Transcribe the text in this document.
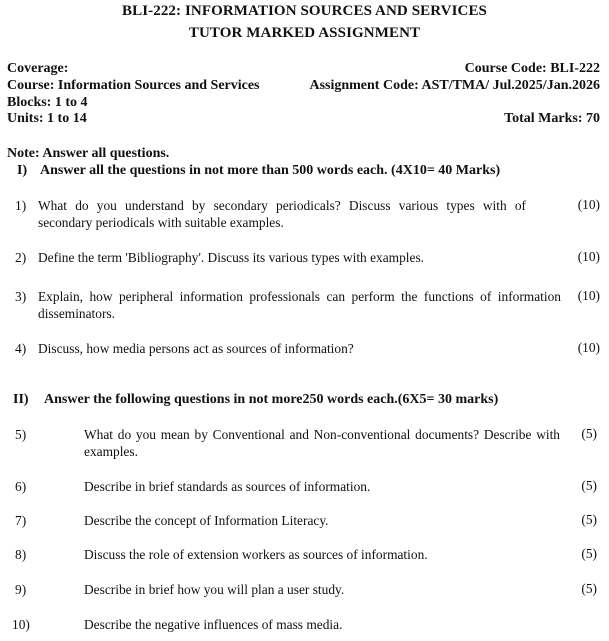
BLI-222: INFORMATION SOURCES AND SERVICES
TUTOR MARKED ASSIGNMENT
Coverage:	Course Code: BLI-222
Course: Information Sources and Services	Assignment Code: AST/TMA/ Jul.2025/Jan.2026
Blocks: 1 to 4
Units: 1 to 14	Total Marks: 70
Note: Answer all questions.
I) Answer all the questions in not more than 500 words each. (4X10= 40 Marks)
1) What do you understand by secondary periodicals? Discuss various types with of secondary periodicals with suitable examples.
(10)
2) Define the term 'Bibliography'. Discuss its various types with examples.	(10)
3) Explain, how peripheral information professionals can perform the functions of information disseminators.
(10)
4) Discuss, how media persons act as sources of information?	(10)
II) Answer the following questions in not more250 words each.(6X5= 30 marks)
5)	What do you mean by Conventional and Non-conventional documents? Describe with examples.
(5)
6)	Describe in brief standards as sources of information.	(5)
7)	Describe the concept of Information Literacy.	(5)
8)	Discuss the role of extension workers as sources of information.	(5)
9)	Describe in brief how you will plan a user study.	(5)
10)	Describe the negative influences of mass media.
